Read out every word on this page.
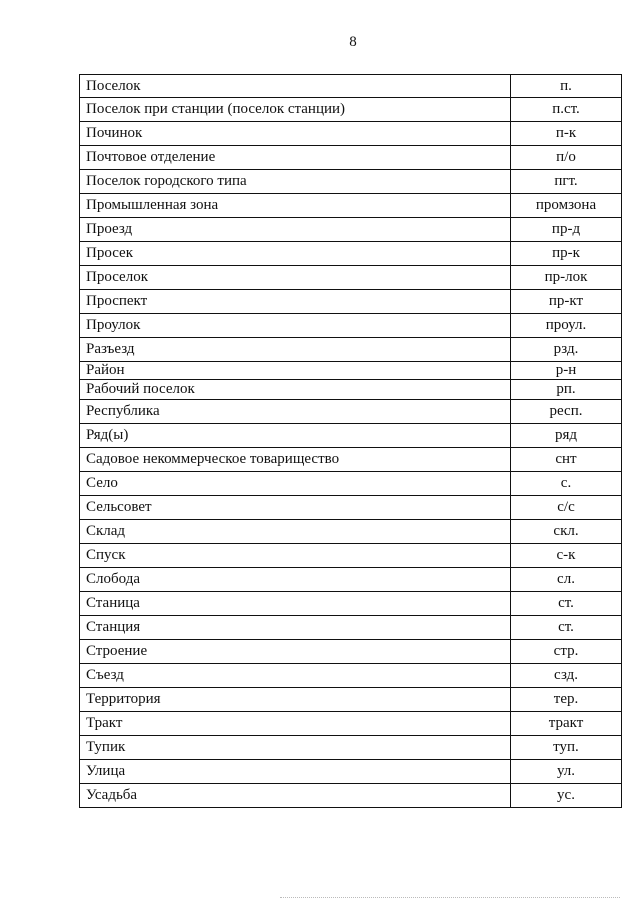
8
Поселок	п.
Поселок при станции (поселок станции)	п.ст.
Починок	п-к
Почтовое отделение	п/о
Поселок городского типа	пгт.
Промышленная зона	промзона
Проезд	пр-д
Просек	пр-к
Проселок	пр-лок
Проспект	пр-кт
Проулок	проул.
Разъезд	рзд.
Район	р-н
Рабочий поселок	рп.
Республика	респ.
Ряд(ы)	ряд
Садовое некоммерческое товарищество	снт
Село	с.
Сельсовет	с/с
Склад	скл.
Спуск	с-к
Слобода	сл.
Станица	ст.
Станция	ст.
Строение	стр.
Съезд	сзд.
Территория	тер.
Тракт	тракт
Тупик	туп.
Улица	ул.
Усадьба	ус.
